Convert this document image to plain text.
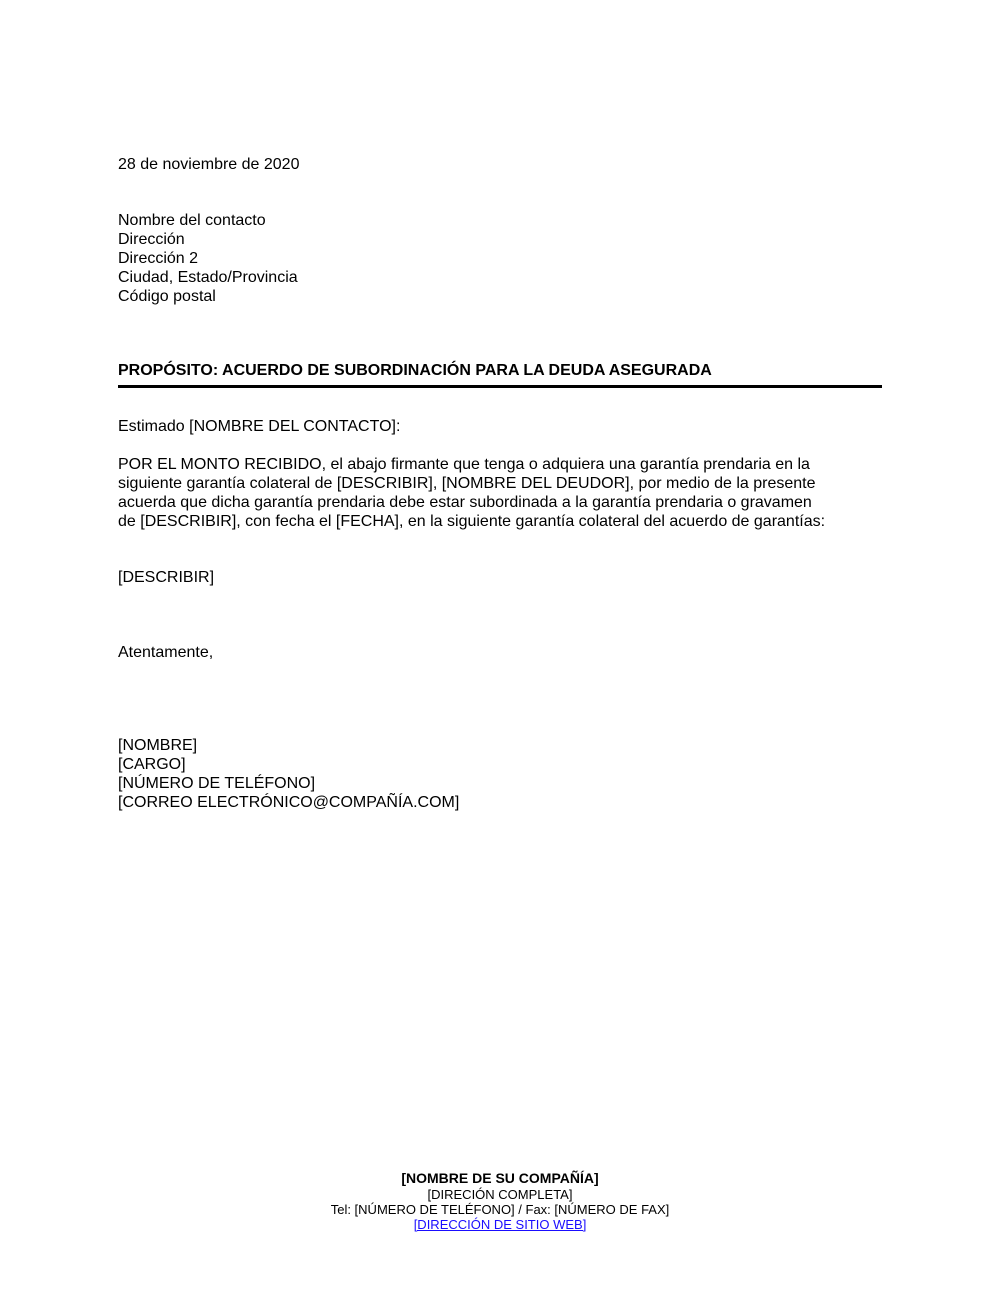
28 de noviembre de 2020

Nombre del contacto
Dirección
Dirección 2
Ciudad, Estado/Provincia
Código postal

PROPÓSITO: ACUERDO DE SUBORDINACIÓN PARA LA DEUDA ASEGURADA

Estimado [NOMBRE DEL CONTACTO]:

POR EL MONTO RECIBIDO, el abajo firmante que tenga o adquiera una garantía prendaria en la
siguiente garantía colateral de [DESCRIBIR], [NOMBRE DEL DEUDOR], por medio de la presente
acuerda que dicha garantía prendaria debe estar subordinada a la garantía prendaria o gravamen
de [DESCRIBIR], con fecha el [FECHA], en la siguiente garantía colateral del acuerdo de garantías:

[DESCRIBIR]

Atentamente,

[NOMBRE]
[CARGO]
[NÚMERO DE TELÉFONO]
[CORREO ELECTRÓNICO@COMPAÑÍA.COM]
[NOMBRE DE SU COMPAÑÍA]
[DIRECIÓN COMPLETA]
Tel: [NÚMERO DE TELÉFONO] / Fax: [NÚMERO DE FAX]
[DIRECCIÓN DE SITIO WEB]
